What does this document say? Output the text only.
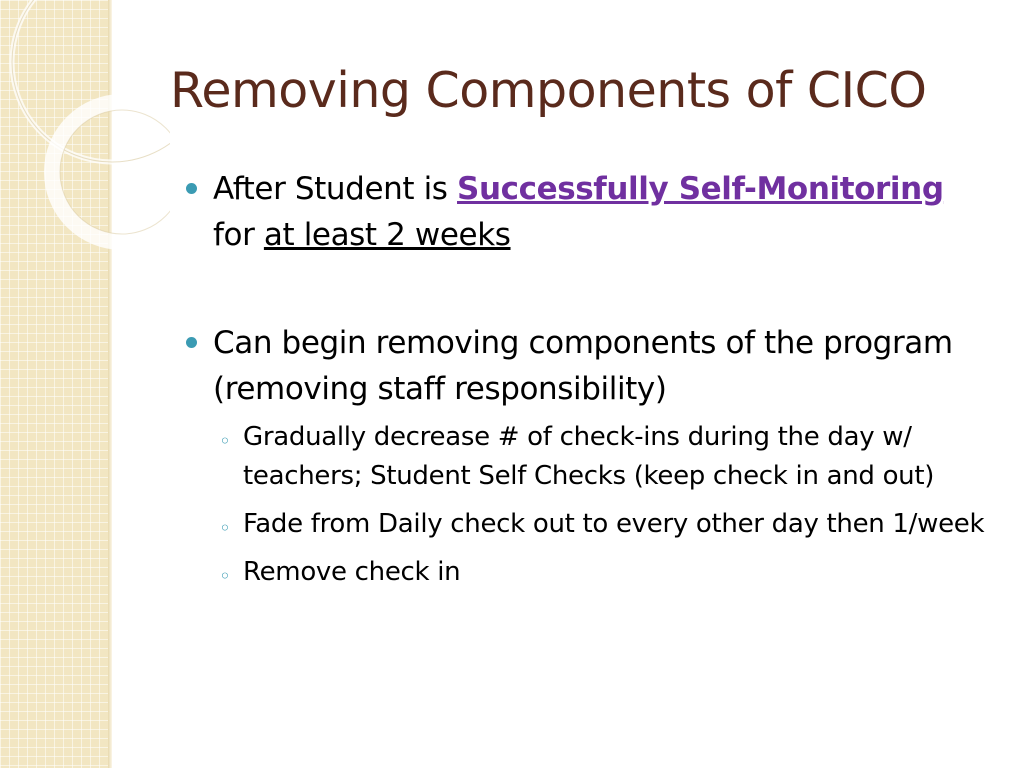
Removing Components of CICO
After Student is Successfully Self-Monitoring for at least 2 weeks
Can begin removing components of the program (removing staff responsibility)
◦ Gradually decrease # of check-ins during the day w/ teachers; Student Self Checks (keep check in and out)
◦ Fade from Daily check out to every other day then 1/week
◦ Remove check in
